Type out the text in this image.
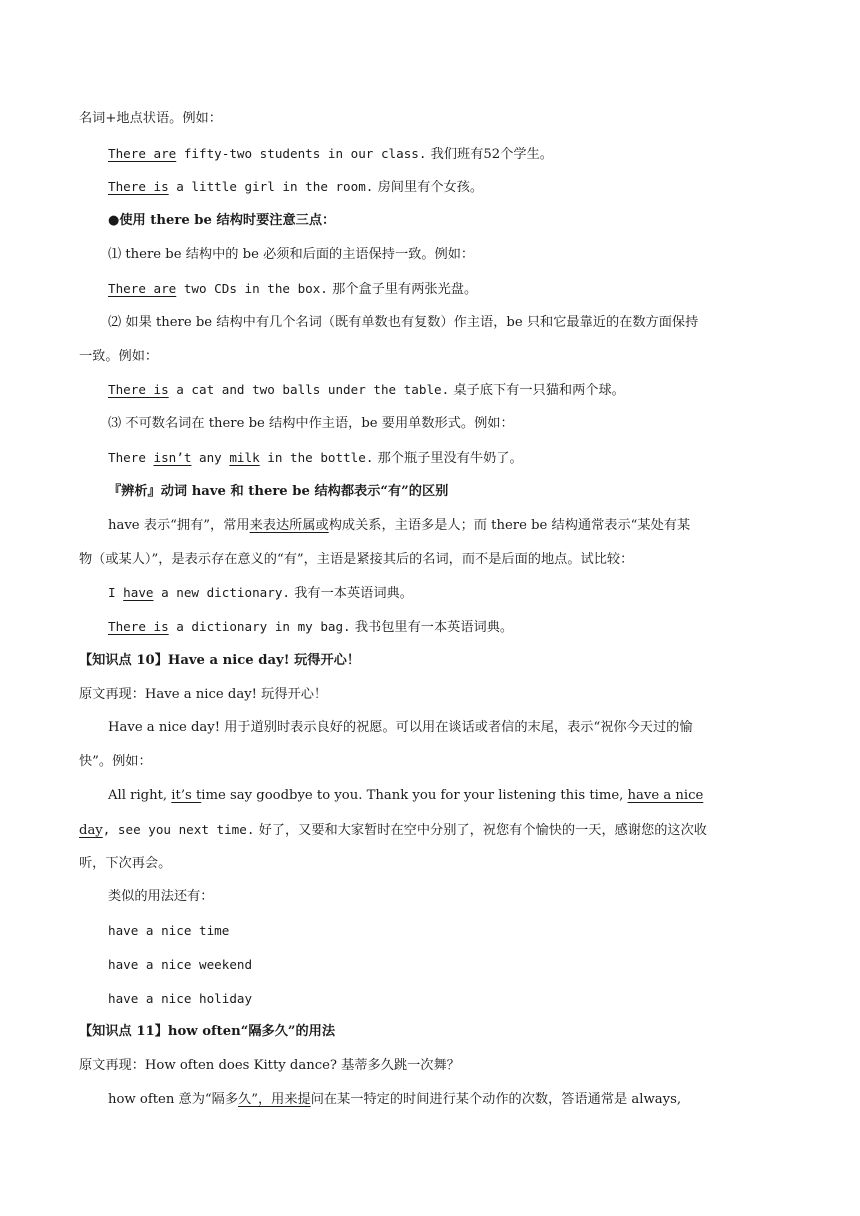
名词+地点状语。例如：
There are fifty-two students in our class. 我们班有52个学生。
There is a little girl in the room. 房间里有个女孩。
●使用 there be 结构时要注意三点：
⑴ there be 结构中的 be 必须和后面的主语保持一致。例如：
There are two CDs in the box. 那个盒子里有两张光盘。
⑵ 如果 there be 结构中有几个名词（既有单数也有复数）作主语，be 只和它最靠近的在数方面保持
一致。例如：
There is a cat and two balls under the table. 桌子底下有一只猫和两个球。
⑶ 不可数名词在 there be 结构中作主语，be 要用单数形式。例如：
There isn’t any milk in the bottle. 那个瓶子里没有牛奶了。
『辨析』动词 have 和 there be 结构都表示“有”的区别
have 表示“拥有”，常用来表达所属或构成关系，主语多是人；而 there be 结构通常表示“某处有某
物（或某人）”，是表示存在意义的“有”，主语是紧接其后的名词，而不是后面的地点。试比较：
I have a new dictionary. 我有一本英语词典。
There is a dictionary in my bag. 我书包里有一本英语词典。
【知识点 10】Have a nice day! 玩得开心！
原文再现：Have a nice day! 玩得开心！
Have a nice day! 用于道别时表示良好的祝愿。可以用在谈话或者信的末尾，表示“祝你今天过的愉
快”。例如：
All right, it’s time say goodbye to you. Thank you for your listening this time, have a nice
day, see you next time. 好了，又要和大家暂时在空中分别了，祝您有个愉快的一天，感谢您的这次收
听，下次再会。
类似的用法还有：
have a nice time
have a nice weekend
have a nice holiday
【知识点 11】how often“隔多久”的用法
原文再现：How often does Kitty dance? 基蒂多久跳一次舞？
how often 意为“隔多久”，用来提问在某一特定的时间进行某个动作的次数，答语通常是 always,
